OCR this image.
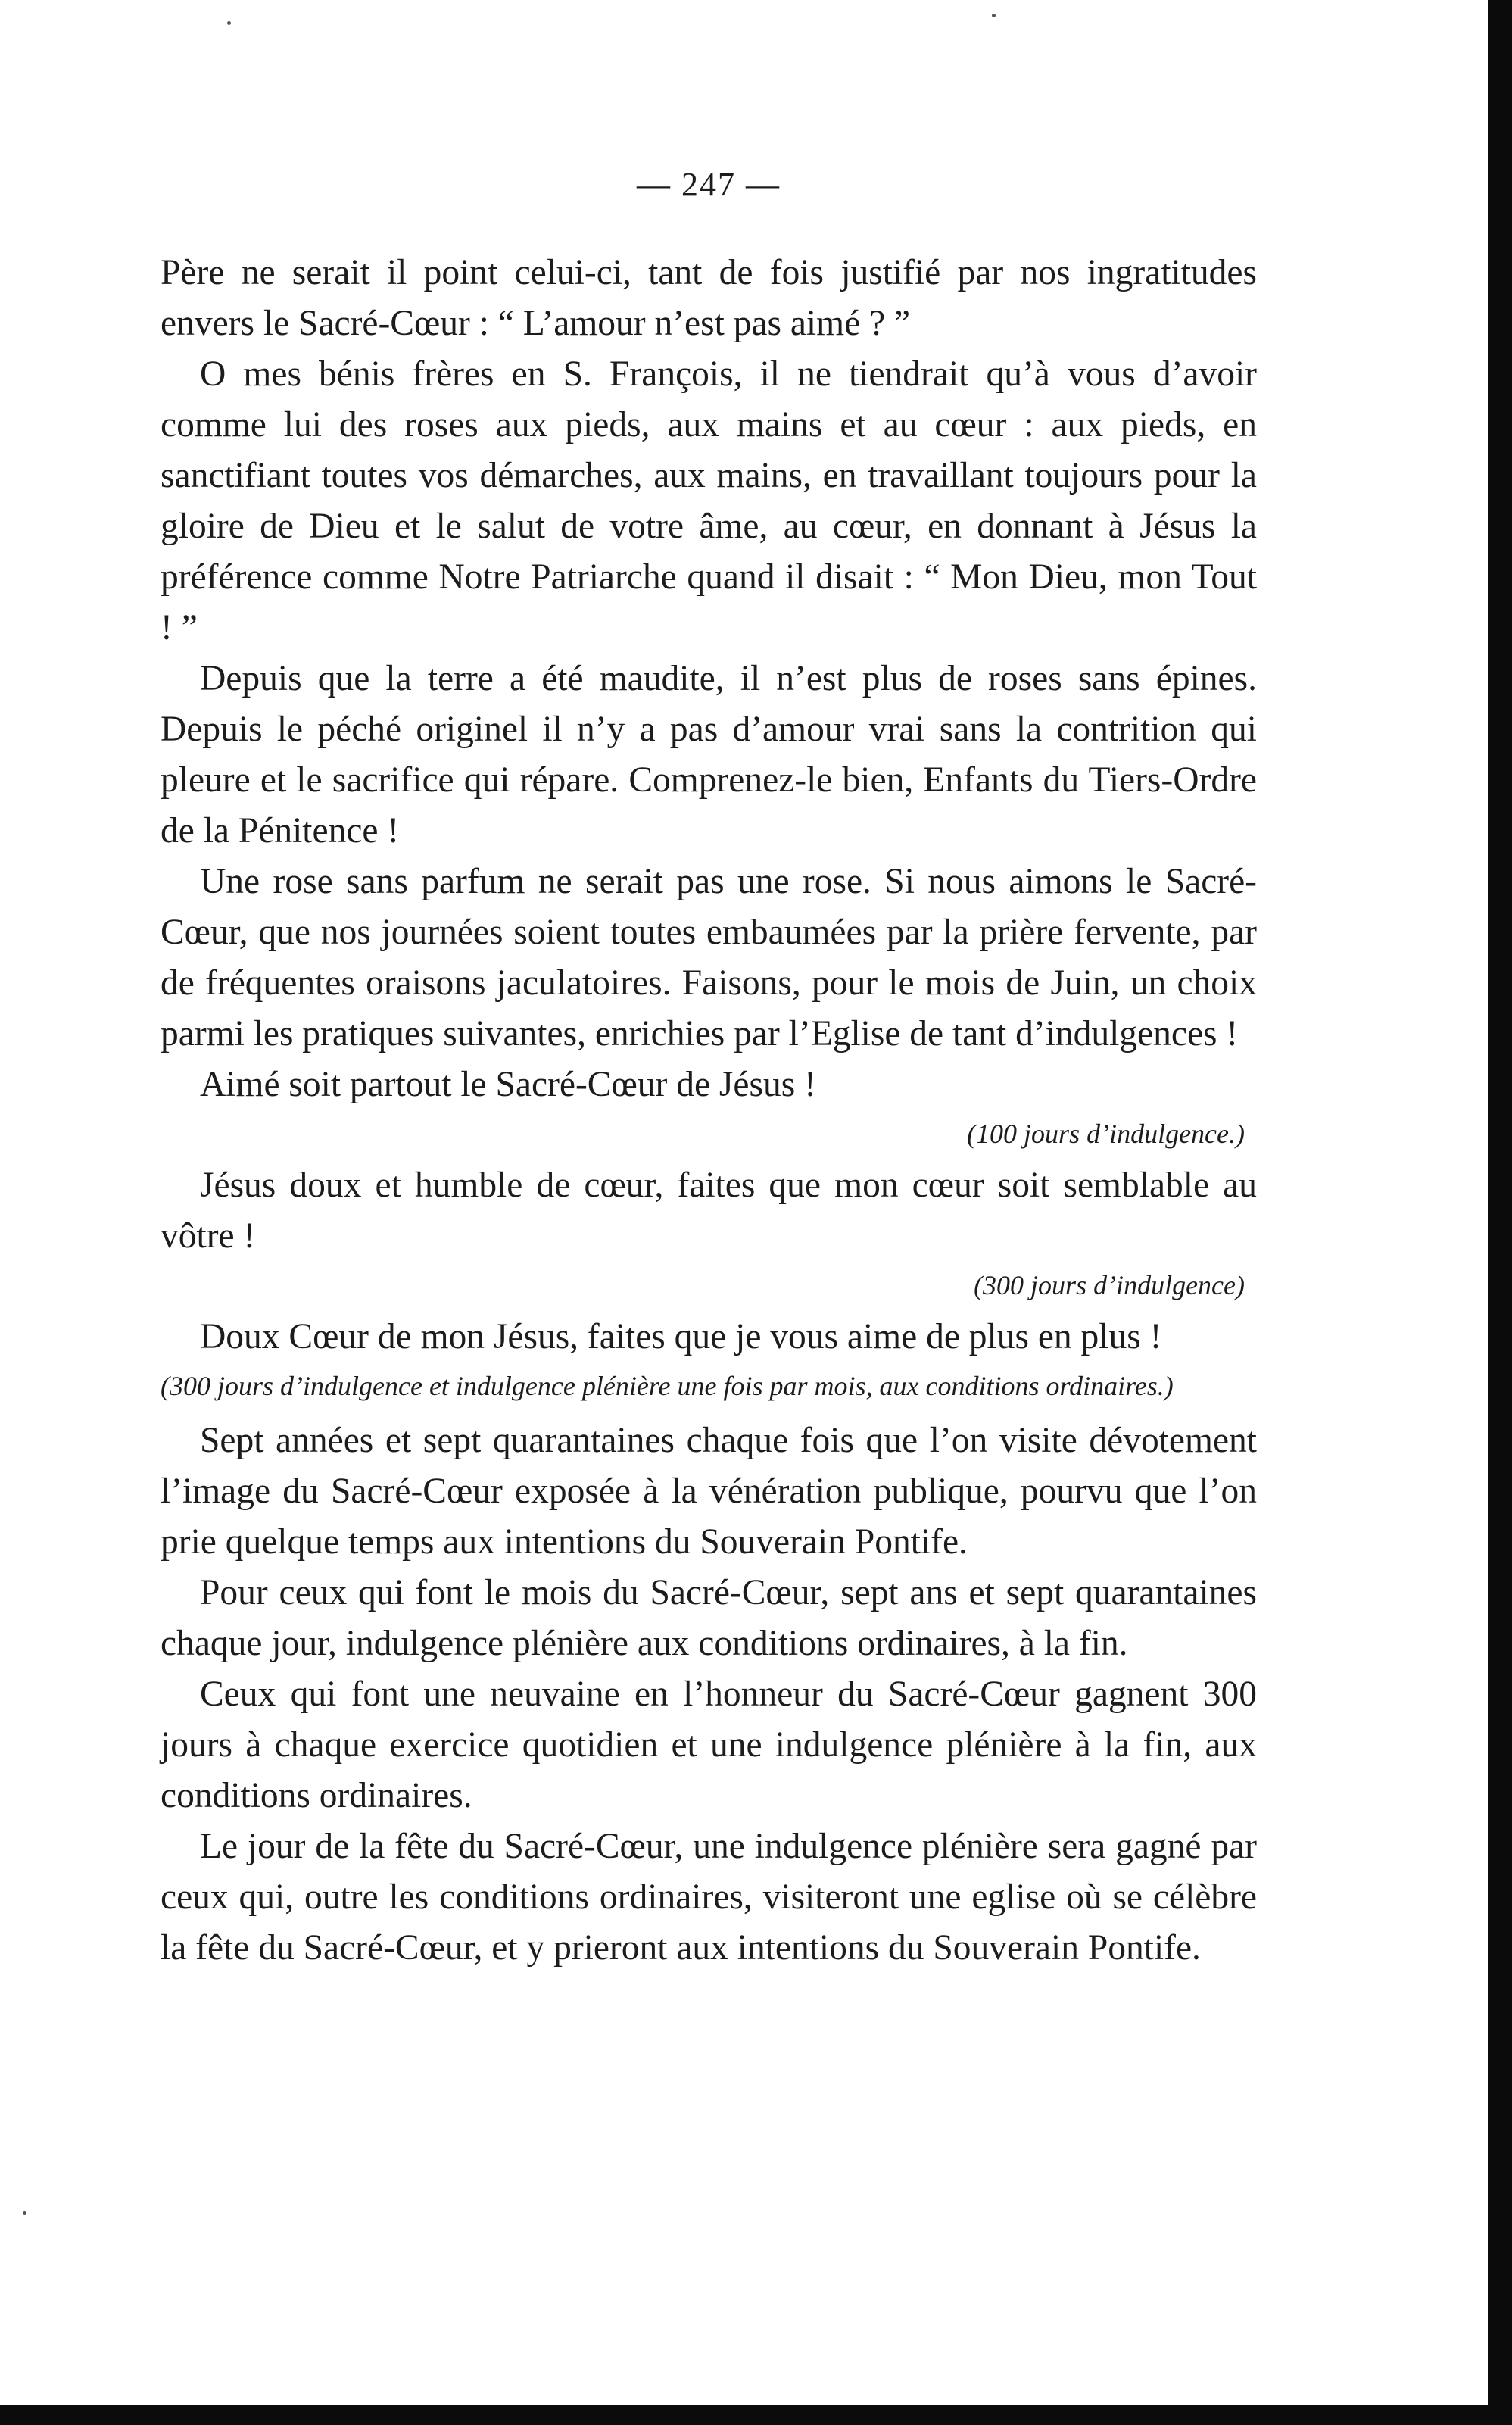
— 247 —

Père ne serait il point celui-ci, tant de fois justifié par nos ingratitudes envers le Sacré-Cœur : “ L’amour n’est pas aimé ? ”

O mes bénis frères en S. François, il ne tiendrait qu’à vous d’avoir comme lui des roses aux pieds, aux mains et au cœur : aux pieds, en sanctifiant toutes vos démarches, aux mains, en travaillant toujours pour la gloire de Dieu et le salut de votre âme, au cœur, en donnant à Jésus la préférence comme Notre Patriarche quand il disait : “ Mon Dieu, mon Tout ! ”

Depuis que la terre a été maudite, il n’est plus de roses sans épines. Depuis le péché originel il n’y a pas d’amour vrai sans la contrition qui pleure et le sacrifice qui répare. Comprenez-le bien, Enfants du Tiers-Ordre de la Pénitence !

Une rose sans parfum ne serait pas une rose. Si nous aimons le Sacré-Cœur, que nos journées soient toutes embaumées par la prière fervente, par de fréquentes oraisons jaculatoires. Faisons, pour le mois de Juin, un choix parmi les pratiques suivantes, enrichies par l’Eglise de tant d’indulgences !

Aimé soit partout le Sacré-Cœur de Jésus !

(100 jours d’indulgence.)

Jésus doux et humble de cœur, faites que mon cœur soit semblable au vôtre !

(300 jours d’indulgence)

Doux Cœur de mon Jésus, faites que je vous aime de plus en plus !

(300 jours d’indulgence et indulgence plénière une fois par mois, aux conditions ordinaires.)

Sept années et sept quarantaines chaque fois que l’on visite dévotement l’image du Sacré-Cœur exposée à la vénération publique, pourvu que l’on prie quelque temps aux intentions du Souverain Pontife.

Pour ceux qui font le mois du Sacré-Cœur, sept ans et sept quarantaines chaque jour, indulgence plénière aux conditions ordinaires, à la fin.

Ceux qui font une neuvaine en l’honneur du Sacré-Cœur gagnent 300 jours à chaque exercice quotidien et une indulgence plénière à la fin, aux conditions ordinaires.

Le jour de la fête du Sacré-Cœur, une indulgence plénière sera gagné par ceux qui, outre les conditions ordinaires, visiteront une eglise où se célèbre la fête du Sacré-Cœur, et y prieront aux intentions du Souverain Pontife.
